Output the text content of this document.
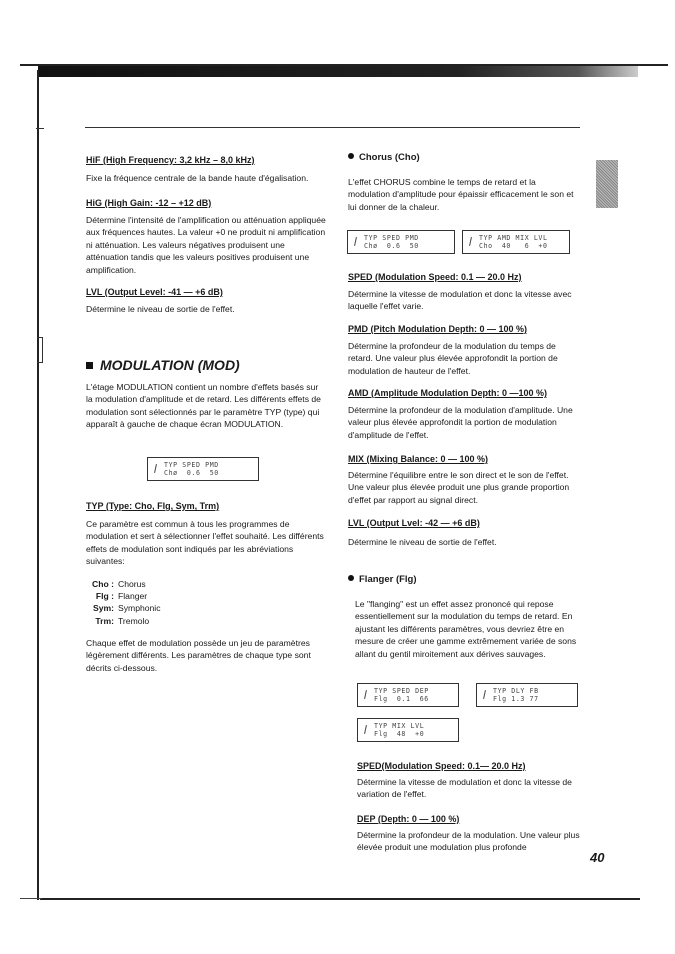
HiF (High Frequency: 3,2 kHz – 8,0 kHz)
Fixe la fréquence centrale de la bande haute d'égalisation.
HiG (High Gain: -12 – +12 dB)
Détermine l'intensité de l'amplification ou atténuation appliquée aux fréquences hautes. La valeur +0 ne produit ni amplification ni atténuation. Les valeurs négatives produisent une atténuation tandis que les valeurs positives produisent une amplification.
LVL (Output Level: -41 — +6 dB)
Détermine le niveau de sortie de l'effet.
MODULATION (MOD)
L'étage MODULATION contient un nombre d'effets basés sur la modulation d'amplitude et de retard. Les différents effets de modulation sont sélectionnés par le paramètre TYP (type) qui apparaît à gauche de chaque écran MODULATION.
TYP SPED PMD
Chø  0.6  50
TYP (Type: Cho, Flg, Sym, Trm)
Ce paramètre est commun à tous les programmes de modulation et sert à sélectionner l'effet souhaité. Les différents effets de modulation sont indiqués par les abréviations suivantes:
Cho : Chorus
Flg : Flanger
Sym: Symphonic
Trm: Tremolo
Chaque effet de modulation possède un jeu de paramètres légèrement différents. Les paramètres de chaque type sont décrits ci-dessous.
Chorus (Cho)
L'effet CHORUS combine le temps de retard et la modulation d'amplitude pour épaissir efficacement le son et lui donner de la chaleur.
TYP SPED PMD
Chø  0.6  50
TYP AMD MIX LVL
Cho  40   6  +0
SPED (Modulation Speed: 0.1 — 20.0 Hz)
Détermine la vitesse de modulation et donc la vitesse avec laquelle l'effet varie.
PMD (Pitch Modulation Depth: 0 — 100 %)
Détermine la profondeur de la modulation du temps de retard. Une valeur plus élevée approfondit la portion de modulation de hauteur de l'effet.
AMD (Amplitude Modulation Depth: 0 —100 %)
Détermine la profondeur de la modulation d'amplitude. Une valeur plus élevée approfondit la portion de modulation d'amplitude de l'effet.
MIX (Mixing Balance: 0 — 100 %)
Détermine l'équilibre entre le son direct et le son de l'effet. Une valeur plus élevée produit une plus grande proportion d'effet par rapport au signal direct.
LVL (Output Lvel: -42 — +6 dB)
Détermine le niveau de sortie de l'effet.
Flanger (Flg)
Le "flanging" est un effet assez prononcé qui repose essentiellement sur la modulation du temps de retard. En ajustant les différents paramètres, vous devriez être en mesure de créer une gamme extrêmement variée de sons allant du gentil miroitement aux dérives sauvages.
TYP SPED DEP
Flg  0.1  66
TYP DLY FB
Flg 1.3 77
TYP MIX LVL
Flg  48  +0
SPED(Modulation Speed: 0.1— 20.0 Hz)
Détermine la vitesse de modulation et donc la vitesse de variation de l'effet.
DEP (Depth: 0 — 100 %)
Détermine la profondeur de la modulation. Une valeur plus élevée produit une modulation plus profonde
40
